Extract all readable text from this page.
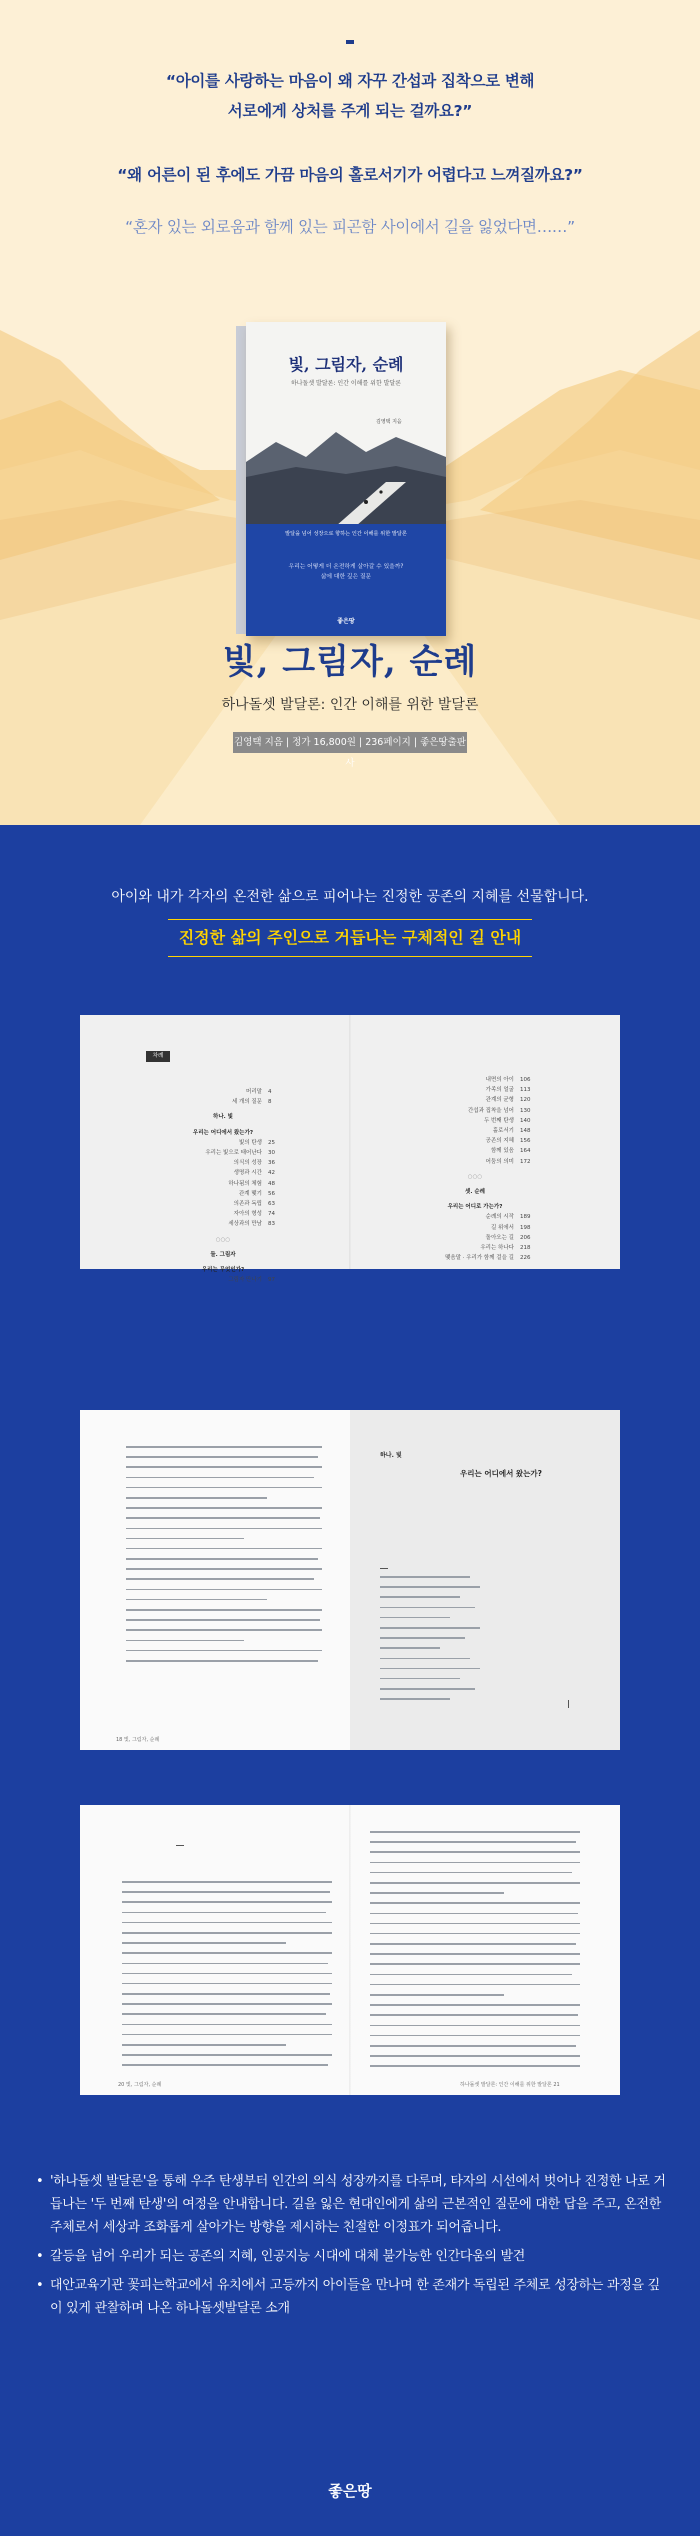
“아이를 사랑하는 마음이 왜 자꾸 간섭과 집착으로 변해
서로에게 상처를 주게 되는 걸까요?”
“왜 어른이 된 후에도 가끔 마음의 홀로서기가 어렵다고 느껴질까요?”
“혼자 있는 외로움과 함께 있는 피곤함 사이에서 길을 잃었다면……”
빛, 그림자, 순례
하나돌셋 발달론: 인간 이해를 위한 발달론
김영택 지음
발달을 넘어 성장으로 향하는 인간 이해를 위한 발달론
우리는 어떻게 더 온전하게 살아갈 수 있을까?
삶에 대한 깊은 질문
좋은땅
빛, 그림자, 순례
하나돌셋 발달론: 인간 이해를 위한 발달론
김영택 지음 | 정가 16,800원 | 236페이지 | 좋은땅출판사
아이와 내가 각자의 온전한 삶으로 피어나는 진정한 공존의 지혜를 선물합니다.
진정한 삶의 주인으로 거듭나는 구체적인 길 안내
차례
머리말	4
세 개의 질문	8
하나. 빛
우리는 어디에서 왔는가?
빛의 탄생	25
우리는 빛으로 태어난다	30
의식의 성장	36
생명과 시간	42
하나됨의 체험	48
관계 맺기	56
의존과 독립	63
자아의 형성	74
세상과의 만남	83
○○○
둘. 그림자
우리는 무엇인가?
그림자 만나기	97
내면의 아이	106
가족의 얼굴	113
관계의 균형	120
간섭과 집착을 넘어	130
두 번째 탄생	140
홀로서기	148
공존의 지혜	156
함께 있음	164
어둠의 의미	172
○○○
셋. 순례
우리는 어디로 가는가?
순례의 시작	189
길 위에서	198
돌아오는 길	206
우리는 하나다	218
맺음말 · 우리가 함께 걸을 길	226
18 빛, 그림자, 순례
하나. 빛
우리는 어디에서 왔는가?
20 빛, 그림자, 순례	하나돌셋 발달론: 인간 이해를 위한 발달론 21
• '하나돌셋 발달론'을 통해 우주 탄생부터 인간의 의식 성장까지를 다루며, 타자의 시선에서 벗어나 진정한 나로 거듭나는 '두 번째 탄생'의 여정을 안내합니다. 길을 잃은 현대인에게 삶의 근본적인 질문에 대한 답을 주고, 온전한 주체로서 세상과 조화롭게 살아가는 방향을 제시하는 친절한 이정표가 되어줍니다.
• 갈등을 넘어 우리가 되는 공존의 지혜, 인공지능 시대에 대체 불가능한 인간다움의 발견
• 대안교육기관 꽃피는학교에서 유치에서 고등까지 아이들을 만나며 한 존재가 독립된 주체로 성장하는 과정을 깊이 있게 관찰하며 나온 하나돌셋발달론 소개
좋은땅
